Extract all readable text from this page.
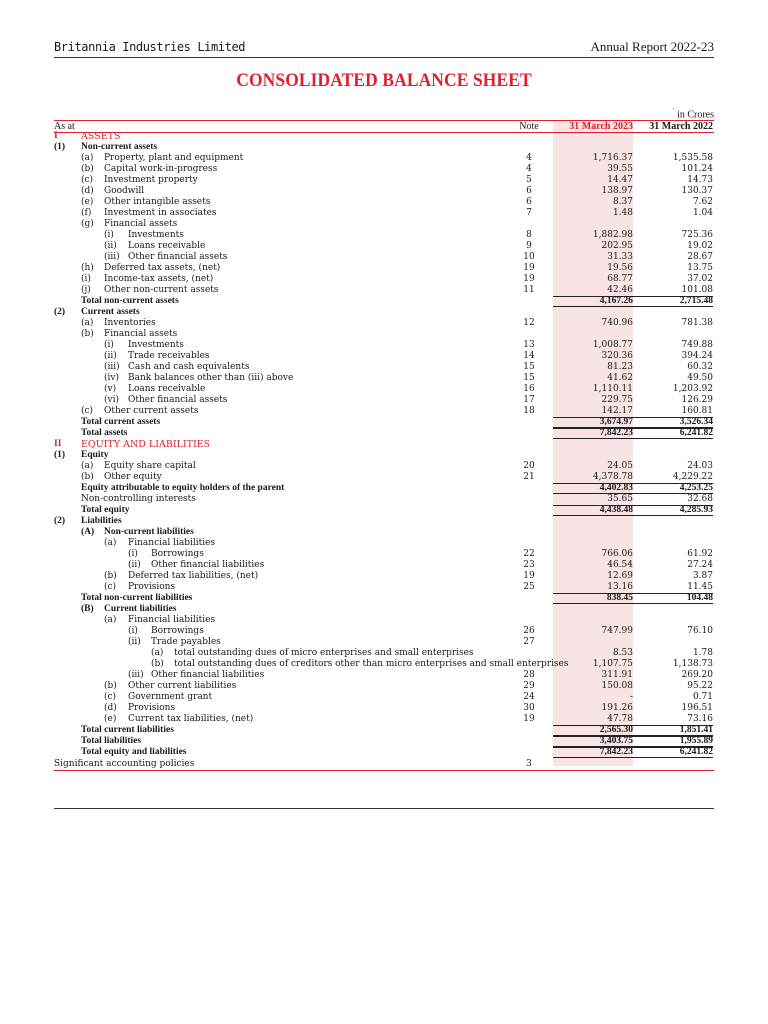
Britannia Industries Limited	Annual Report 2022-23
CONSOLIDATED BALANCE SHEET
` in Crores
As at	Note	31 March 2023	31 March 2022
I ASSETS
(1) Non-current assets
(a) Property, plant and equipment	4	1,716.37	1,535.58
(b) Capital work-in-progress	4	39.55	101.24
(c) Investment property	5	14.47	14.73
(d) Goodwill	6	138.97	130.37
(e) Other intangible assets	6	8.37	7.62
(f) Investment in associates	7	1.48	1.04
(g) Financial assets
(i) Investments	8	1,882.98	725.36
(ii) Loans receivable	9	202.95	19.02
(iii) Other financial assets	10	31.33	28.67
(h) Deferred tax assets, (net)	19	19.56	13.75
(i) Income-tax assets, (net)	19	68.77	37.02
(j) Other non-current assets	11	42.46	101.08
Total non-current assets	4,167.26	2,715.48
(2) Current assets
(a) Inventories	12	740.96	781.38
(b) Financial assets
(i) Investments	13	1,008.77	749.88
(ii) Trade receivables	14	320.36	394.24
(iii) Cash and cash equivalents	15	81.23	60.32
(iv) Bank balances other than (iii) above	15	41.62	49.50
(v) Loans receivable	16	1,110.11	1,203.92
(vi) Other financial assets	17	229.75	126.29
(c) Other current assets	18	142.17	160.81
Total current assets	3,674.97	3,526.34
Total assets	7,842.23	6,241.82
II EQUITY AND LIABILITIES
(1) Equity
(a) Equity share capital	20	24.05	24.03
(b) Other equity	21	4,378.78	4,229.22
Equity attributable to equity holders of the parent	4,402.83	4,253.25
Non-controlling interests	35.65	32.68
Total equity	4,438.48	4,285.93
(2) Liabilities
(A) Non-current liabilities
(a) Financial liabilities
(i) Borrowings	22	766.06	61.92
(ii) Other financial liabilities	23	46.54	27.24
(b) Deferred tax liabilities, (net)	19	12.69	3.87
(c) Provisions	25	13.16	11.45
Total non-current liabilities	838.45	104.48
(B) Current liabilities
(a) Financial liabilities
(i) Borrowings	26	747.99	76.10
(ii) Trade payables	27
(a) total outstanding dues of micro enterprises and small enterprises	8.53	1.78
(b) total outstanding dues of creditors other than micro enterprises and small enterprises	1,107.75	1,138.73
(iii) Other financial liabilities	28	311.91	269.20
(b) Other current liabilities	29	150.08	95.22
(c) Government grant	24	-	0.71
(d) Provisions	30	191.26	196.51
(e) Current tax liabilities, (net)	19	47.78	73.16
Total current liabilities	2,565.30	1,851.41
Total liabilities	3,403.75	1,955.89
Total equity and liabilities	7,842.23	6,241.82
Significant accounting policies	3
